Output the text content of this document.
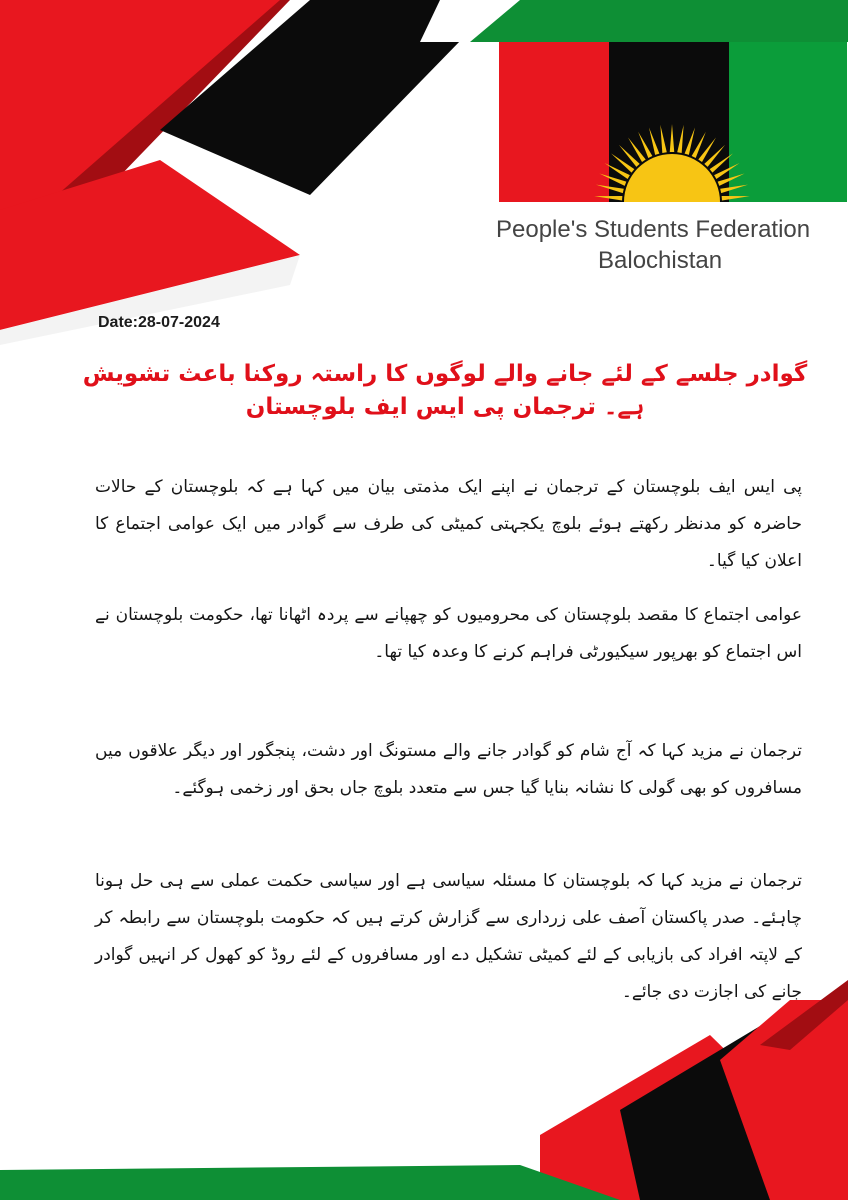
People's Students Federation
Balochistan
Date:28-07-2024
گوادر جلسے کے لئے جانے والے لوگوں کا راستہ روکنا باعث تشویش ہے۔ ترجمان پی ایس ایف بلوچستان

پی ایس ایف بلوچستان کے ترجمان نے اپنے ایک مذمتی بیان میں کہا ہے کہ بلوچستان کے حالات حاضرہ کو مدنظر رکھتے ہوئے بلوچ یکجہتی کمیٹی کی طرف سے گوادر میں ایک عوامی اجتماع کا اعلان کیا گیا۔

عوامی اجتماع کا مقصد بلوچستان کی محرومیوں کو چھپانے سے پردہ اٹھانا تھا، حکومت بلوچستان نے اس اجتماع کو بھرپور سیکیورٹی فراہم کرنے کا وعدہ کیا تھا۔

ترجمان نے مزید کہا کہ آج شام کو گوادر جانے والے مستونگ اور دشت، پنجگور اور دیگر علاقوں میں مسافروں کو بھی گولی کا نشانہ بنایا گیا جس سے متعدد بلوچ جاں بحق اور زخمی ہوگئے۔

ترجمان نے مزید کہا کہ بلوچستان کا مسئلہ سیاسی ہے اور سیاسی حکمت عملی سے ہی حل ہونا چاہئے۔ صدر پاکستان آصف علی زرداری سے گزارش کرتے ہیں کہ حکومت بلوچستان سے رابطہ کر کے لاپتہ افراد کی بازیابی کے لئے کمیٹی تشکیل دے اور مسافروں کے لئے روڈ کو کھول کر انہیں گوادر جانے کی اجازت دی جائے۔
